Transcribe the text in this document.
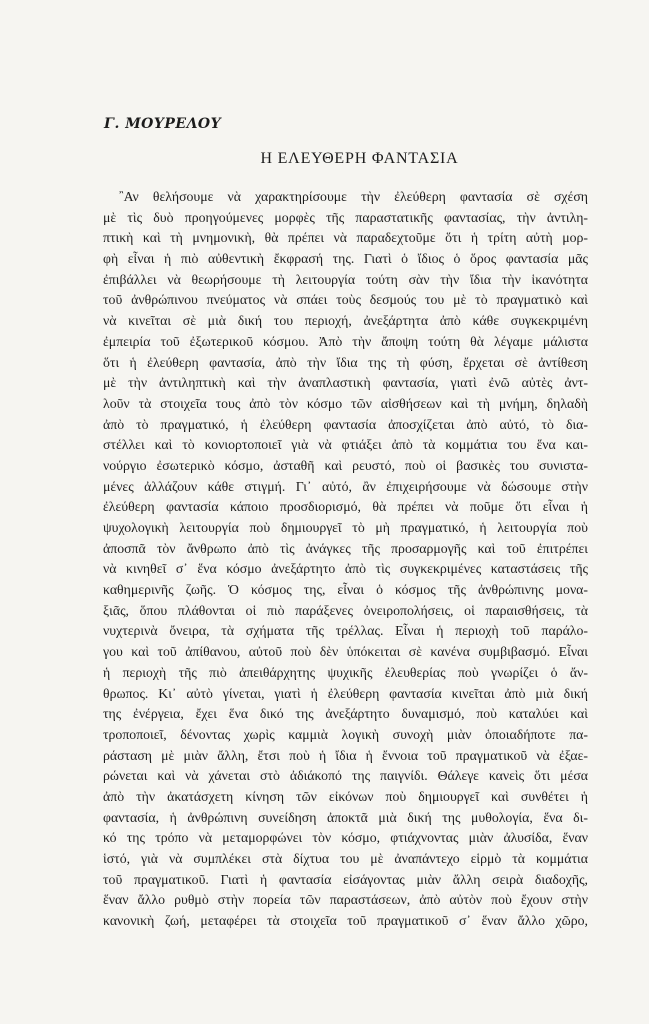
Γ. ΜΟΥΡΕΛΟΥ
Η ΕΛΕΥΘΕΡΗ ΦΑΝΤΑΣΙΑ
῍Αν θελήσουμε νὰ χαρακτηρίσουμε τὴν ἐλεύθερη φαντασία σὲ σχέση
μὲ τὶς δυὸ προηγούμενες μορφὲς τῆς παραστατικῆς φαντασίας, τὴν ἀντιλη-
πτικὴ καὶ τὴ μνημονικὴ, θὰ πρέπει νὰ παραδεχτοῦμε ὅτι ἡ τρίτη αὐτὴ μορ-
φὴ εἶναι ἡ πιὸ αὐθεντικὴ ἔκφρασή της. Γιατὶ ὁ ἴδιος ὁ ὅρος φαντασία μᾶς
ἐπιβάλλει νὰ θεωρήσουμε τὴ λειτουργία τούτη σὰν τὴν ἴδια τὴν ἱκανότητα
τοῦ ἀνθρώπινου πνεύματος νὰ σπάει τοὺς δεσμούς του μὲ τὸ πραγματικὸ καὶ
νὰ κινεῖται σὲ μιὰ δική του περιοχή, ἀνεξάρτητα ἀπὸ κάθε συγκεκριμένη
ἐμπειρία τοῦ ἐξωτερικοῦ κόσμου. Ἀπὸ τὴν ἄποψη τούτη θὰ λέγαμε μάλιστα
ὅτι ἡ ἐλεύθερη φαντασία, ἀπὸ τὴν ἴδια της τὴ φύση, ἔρχεται σὲ ἀντίθεση
μὲ τὴν ἀντιληπτικὴ καὶ τὴν ἀναπλαστικὴ φαντασία, γιατὶ ἐνῶ αὐτὲς ἀντ-
λοῦν τὰ στοιχεῖα τους ἀπὸ τὸν κόσμο τῶν αἰσθήσεων καὶ τὴ μνήμη, δηλαδὴ
ἀπὸ τὸ πραγματικό, ἡ ἐλεύθερη φαντασία ἀποσχίζεται ἀπὸ αὐτό, τὸ δια-
στέλλει καὶ τὸ κονιορτοποιεῖ γιὰ νὰ φτιάξει ἀπὸ τὰ κομμάτια του ἕνα και-
νούργιο ἐσωτερικὸ κόσμο, ἀσταθῆ καὶ ρευστό, ποὺ οἱ βασικὲς του συνιστα-
μένες ἀλλάζουν κάθε στιγμή. Γι᾽ αὐτό, ἂν ἐπιχειρήσουμε νὰ δώσουμε στὴν
ἐλεύθερη φαντασία κάποιο προσδιορισμό, θὰ πρέπει νὰ ποῦμε ὅτι εἶναι ἡ
ψυχολογικὴ λειτουργία ποὺ δημιουργεῖ τὸ μὴ πραγματικό, ἡ λειτουργία ποὺ
ἀποσπᾶ τὸν ἄνθρωπο ἀπὸ τὶς ἀνάγκες τῆς προσαρμογῆς καὶ τοῦ ἐπιτρέπει
νὰ κινηθεῖ σ᾽ ἕνα κόσμο ἀνεξάρτητο ἀπὸ τὶς συγκεκριμένες καταστάσεις τῆς
καθημερινῆς ζωῆς. Ὁ κόσμος της, εἶναι ὁ κόσμος τῆς ἀνθρώπινης μονα-
ξιᾶς, ὅπου πλάθονται οἱ πιὸ παράξενες ὀνειροπολήσεις, οἱ παραισθήσεις, τὰ
νυχτερινὰ ὄνειρα, τὰ σχήματα τῆς τρέλλας. Εἶναι ἡ περιοχὴ τοῦ παράλο-
γου καὶ τοῦ ἀπίθανου, αὐτοῦ ποὺ δὲν ὑπόκειται σὲ κανένα συμβιβασμό. Εἶναι
ἡ περιοχὴ τῆς πιὸ ἀπειθάρχητης ψυχικῆς ἐλευθερίας ποὺ γνωρίζει ὁ ἄν-
θρωπος. Κι᾽ αὐτὸ γίνεται, γιατὶ ἡ ἐλεύθερη φαντασία κινεῖται ἀπὸ μιὰ δική
της ἐνέργεια, ἔχει ἕνα δικό της ἀνεξάρτητο δυναμισμό, ποὺ καταλύει καὶ
τροποποιεῖ, δένοντας χωρὶς καμμιὰ λογικὴ συνοχὴ μιὰν ὁποιαδήποτε πα-
ράσταση μὲ μιὰν ἄλλη, ἔτσι ποὺ ἡ ἴδια ἡ ἔννοια τοῦ πραγματικοῦ νὰ ἐξαε-
ρώνεται καὶ νὰ χάνεται στὸ ἀδιάκοπό της παιγνίδι. Θάλεγε κανεὶς ὅτι μέσα
ἀπὸ τὴν ἀκατάσχετη κίνηση τῶν εἰκόνων ποὺ δημιουργεῖ καὶ συνθέτει ἡ
φαντασία, ἡ ἀνθρώπινη συνείδηση ἀποκτᾶ μιὰ δική της μυθολογία, ἕνα δι-
κό της τρόπο νὰ μεταμορφώνει τὸν κόσμο, φτιάχνοντας μιὰν ἀλυσίδα, ἕναν
ἱστό, γιὰ νὰ συμπλέκει στὰ δίχτυα του μὲ ἀναπάντεχο εἱρμὸ τὰ κομμάτια
τοῦ πραγματικοῦ. Γιατὶ ἡ φαντασία εἰσάγοντας μιὰν ἄλλη σειρὰ διαδοχῆς,
ἕναν ἄλλο ρυθμὸ στὴν πορεία τῶν παραστάσεων, ἀπὸ αὐτὸν ποὺ ἔχουν στὴν
κανονικὴ ζωή, μεταφέρει τὰ στοιχεῖα τοῦ πραγματικοῦ σ᾽ ἕναν ἄλλο χῶρο,
